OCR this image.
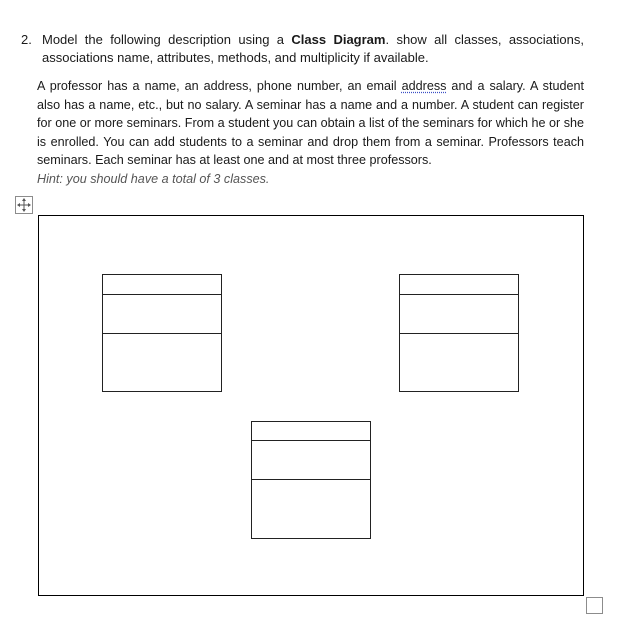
2. Model the following description using a Class Diagram. show all classes, associations, associations name, attributes, methods, and multiplicity if available.
A professor has a name, an address, phone number, an email address and a salary. A student also has a name, etc., but no salary. A seminar has a name and a number. A student can register for one or more seminars. From a student you can obtain a list of the seminars for which he or she is enrolled. You can add students to a seminar and drop them from a seminar. Professors teach seminars. Each seminar has at least one and at most three professors.
Hint: you should have a total of 3 classes.
